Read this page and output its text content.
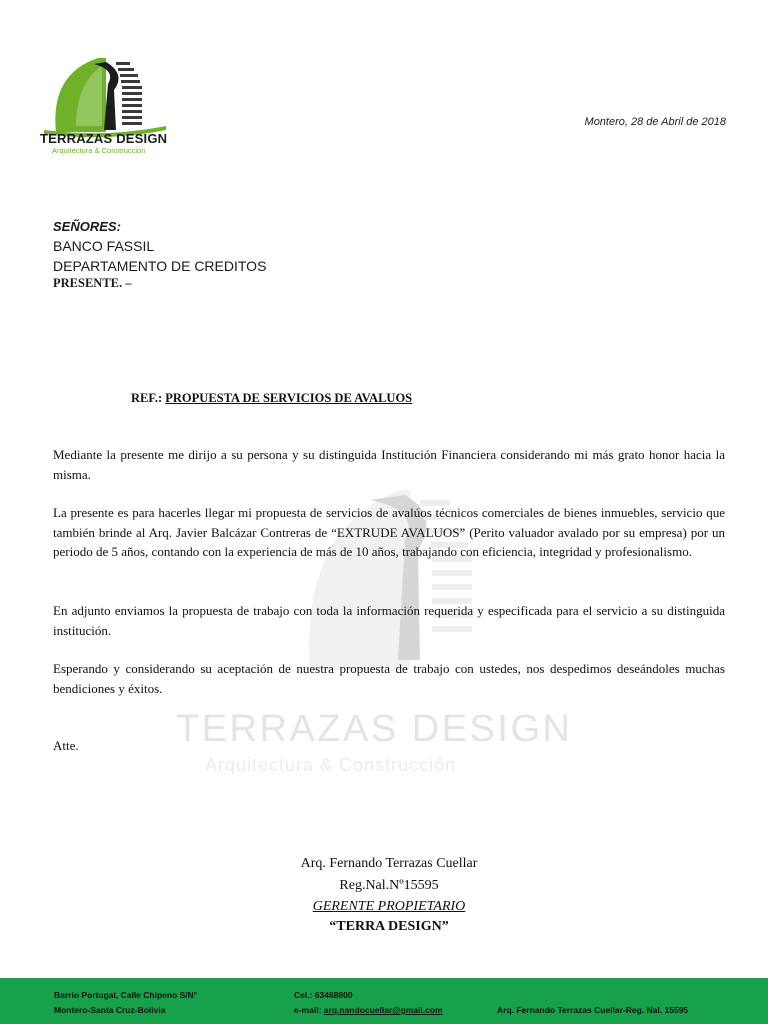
TERRAZAS DESIGN
Arquitectura & Construcción
Montero, 28 de Abril de 2018
TERRAZAS DESIGN
Arquitectura & Construcción
SEÑORES:
BANCO FASSIL
DEPARTAMENTO DE CREDITOS
PRESENTE. –
REF.: PROPUESTA DE SERVICIOS DE AVALUOS
Mediante la presente me dirijo a su persona y su distinguida Institución Financiera considerando mi más grato honor hacia la misma.
La presente es para hacerles llegar mi propuesta de servicios de avalúos técnicos comerciales de bienes inmuebles, servicio que también brinde al Arq. Javier Balcázar Contreras de “EXTRUDE AVALUOS” (Perito valuador avalado por su empresa) por un periodo de 5 años, contando con la experiencia de más de 10 años, trabajando con eficiencia, integridad y profesionalismo.
En adjunto enviamos la propuesta de trabajo con toda la información requerida y especificada para el servicio a su distinguida institución.
Esperando y considerando su aceptación de nuestra propuesta de trabajo con ustedes, nos despedimos deseándoles muchas bendiciones y éxitos.
Atte.
Arq. Fernando Terrazas Cuellar
Reg.Nal.Nº15595
GERENTE PROPIETARIO
“TERRA DESIGN”
Barrio Portugal, Calle Chipeno S/N°
Montero-Santa Cruz-Bolivia
Cel.: 63468800
e-mail: arq.nandocuellar@gmail.com	Arq. Fernando Terrazas Cuellar-Reg. Nal. 15595
